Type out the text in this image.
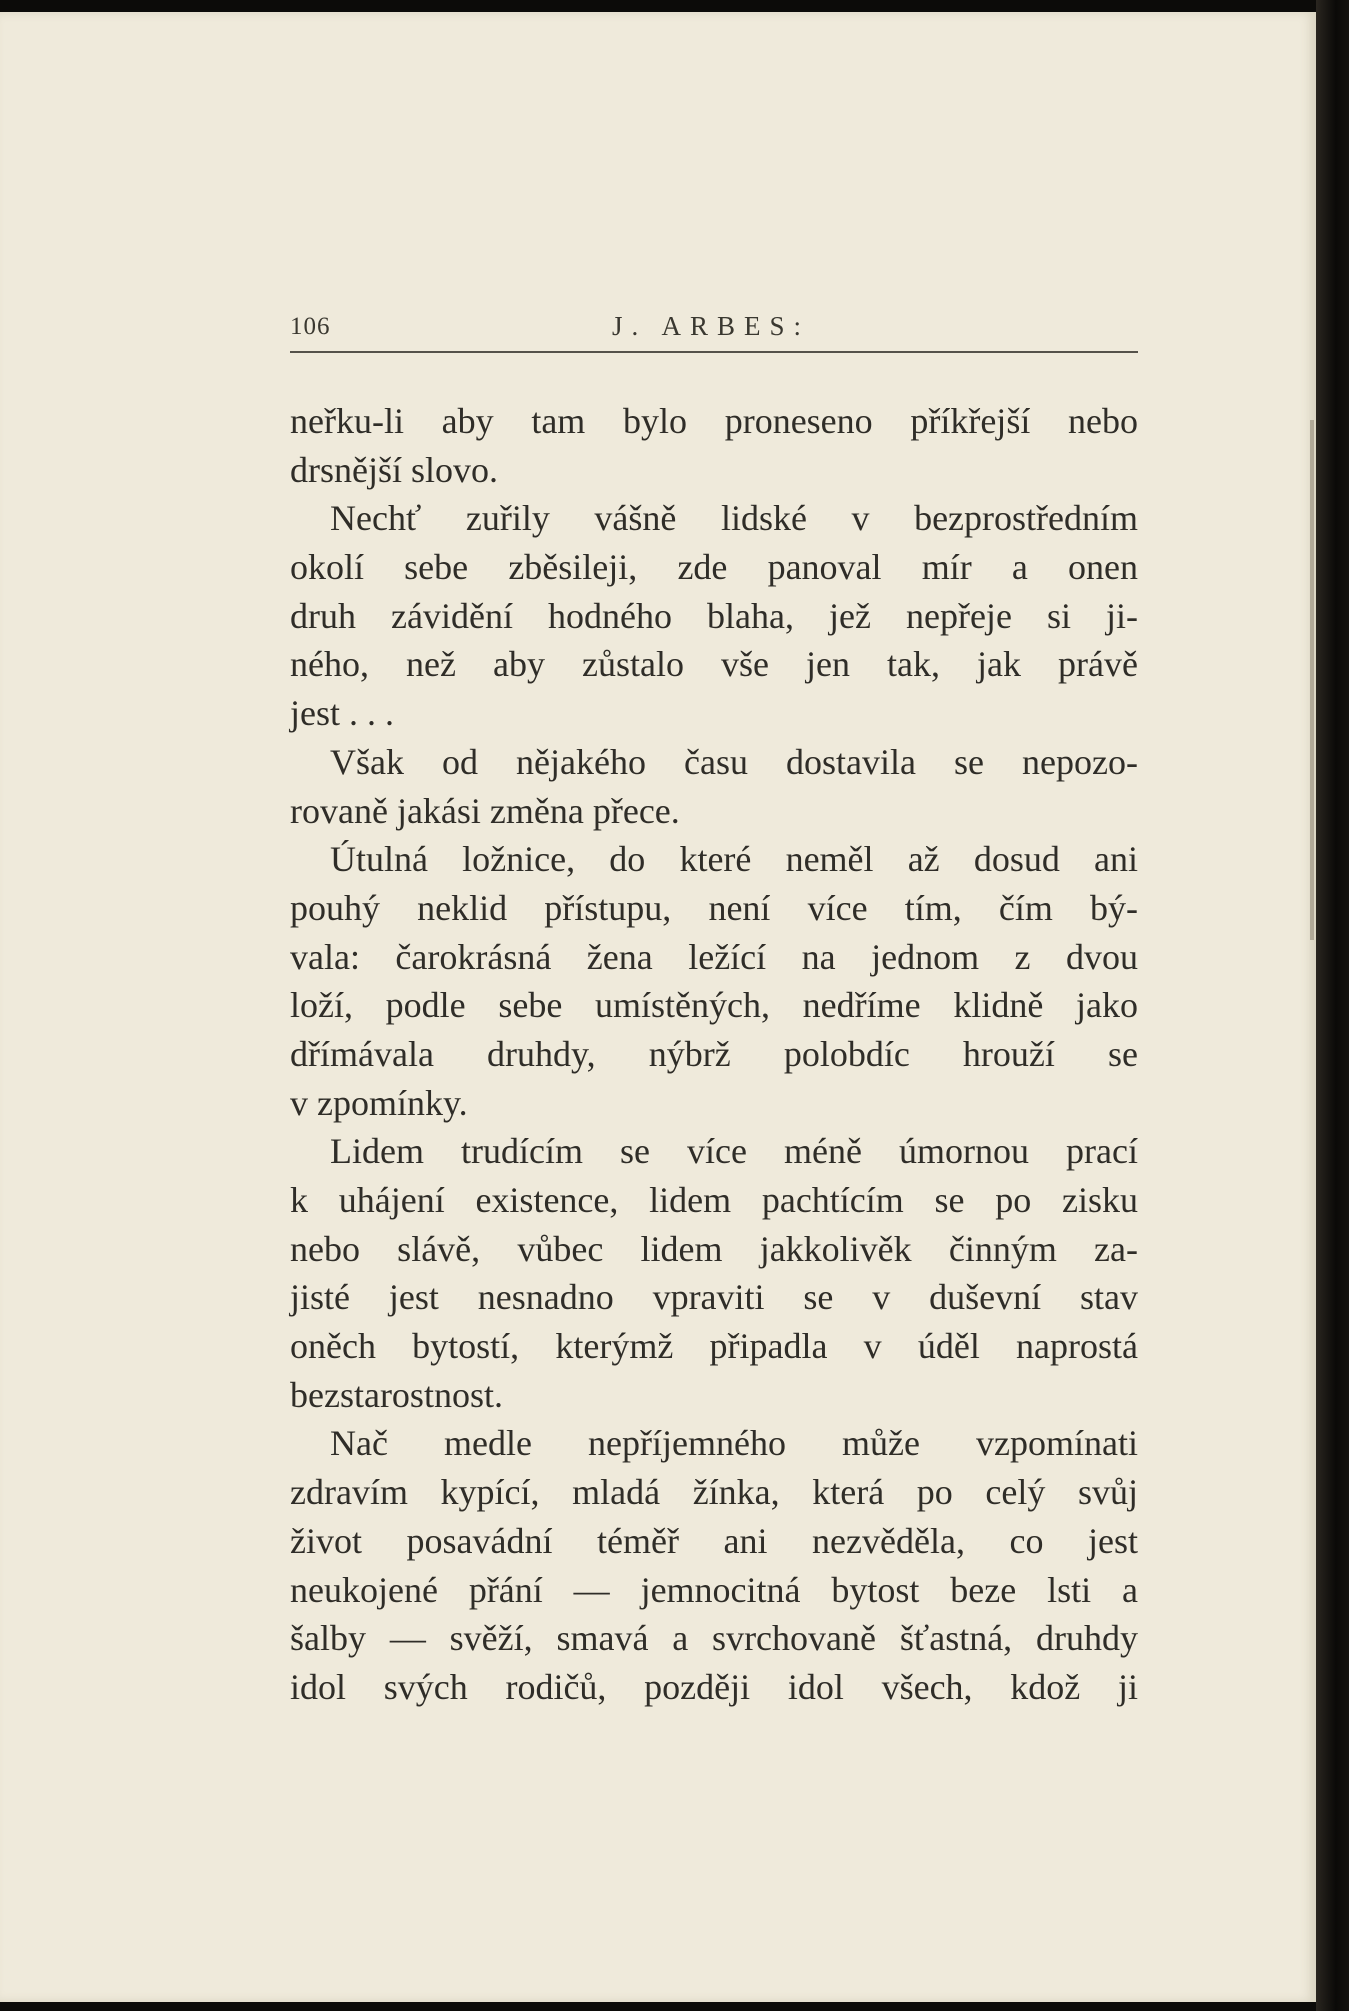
106	J. ARBES:
neřku-li aby tam bylo proneseno příkřejší nebo
drsnější slovo.
Nechť zuřily vášně lidské v bezprostředním
okolí sebe zběsileji, zde panoval mír a onen
druh závidění hodného blaha, jež nepřeje si ji-
ného, než aby zůstalo vše jen tak, jak právě
jest . . .
Však od nějakého času dostavila se nepozo-
rovaně jakási změna přece.
Útulná ložnice, do které neměl až dosud ani
pouhý neklid přístupu, není více tím, čím bý-
vala: čarokrásná žena ležící na jednom z dvou
loží, podle sebe umístěných, nedříme klidně jako
dřímávala druhdy, nýbrž polobdíc hrouží se
v zpomínky.
Lidem trudícím se více méně úmornou prací
k uhájení existence, lidem pachtícím se po zisku
nebo slávě, vůbec lidem jakkolivěk činným za-
jisté jest nesnadno vpraviti se v duševní stav
oněch bytostí, kterýmž připadla v úděl naprostá
bezstarostnost.
Nač medle nepříjemného může vzpomínati
zdravím kypící, mladá žínka, která po celý svůj
život posavádní téměř ani nezvěděla, co jest
neukojené přání — jemnocitná bytost beze lsti a
šalby — svěží, smavá a svrchovaně šťastná, druhdy
idol svých rodičů, později idol všech, kdož ji
